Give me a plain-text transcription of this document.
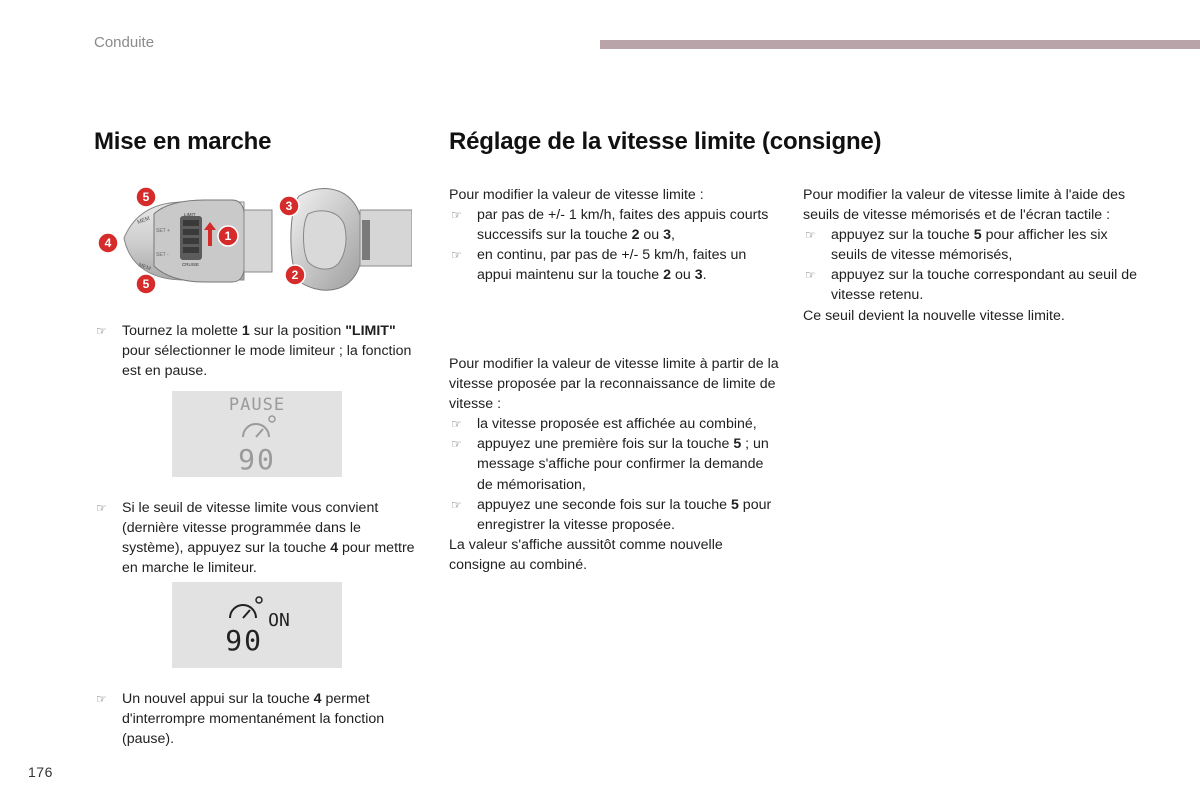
Conduite
Mise en marche	Réglage de la vitesse limite (consigne)
MEM
SET +
SET -
MEM
LIMIT
CRUISE
5
4
5
1
3
2

☞ Tournez la molette 1 sur la position "LIMIT" pour sélectionner le mode limiteur ; la fonction est en pause.

PAUSE
90

☞ Si le seuil de vitesse limite vous convient (dernière vitesse programmée dans le système), appuyez sur la touche 4 pour mettre en marche le limiteur.

90
ON

☞ Un nouvel appui sur la touche 4 permet d'interrompre momentanément la fonction (pause).

Pour modifier la valeur de vitesse limite :

☞ par pas de +/- 1 km/h, faites des appuis courts successifs sur la touche 2 ou 3,

☞ en continu, par pas de +/- 5 km/h, faites un appui maintenu sur la touche 2 ou 3.

Pour modifier la valeur de vitesse limite à partir de la vitesse proposée par la reconnaissance de limite de vitesse :

☞ la vitesse proposée est affichée au combiné,

☞ appuyez une première fois sur la touche 5 ; un message s'affiche pour confirmer la demande de mémorisation,

☞ appuyez une seconde fois sur la touche 5 pour enregistrer la vitesse proposée.

La valeur s'affiche aussitôt comme nouvelle consigne au combiné.

Pour modifier la valeur de vitesse limite à l'aide des seuils de vitesse mémorisés et de l'écran tactile :

☞ appuyez sur la touche 5 pour afficher les six seuils de vitesse mémorisés,

☞ appuyez sur la touche correspondant au seuil de vitesse retenu.

Ce seuil devient la nouvelle vitesse limite.

176
